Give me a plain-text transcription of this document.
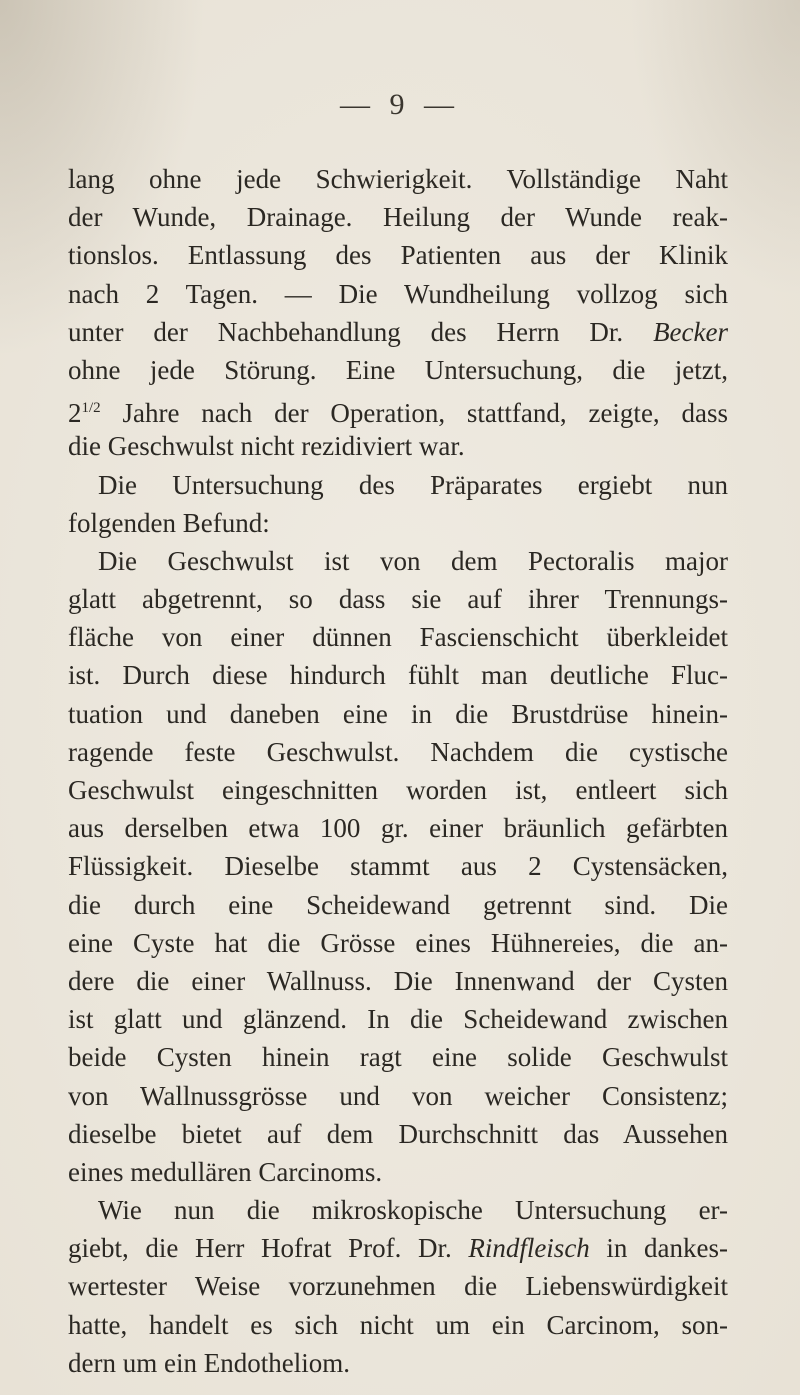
— 9 —
lang ohne jede Schwierigkeit. Vollständige Naht
der Wunde, Drainage. Heilung der Wunde reak-
tionslos. Entlassung des Patienten aus der Klinik
nach 2 Tagen. — Die Wundheilung vollzog sich
unter der Nachbehandlung des Herrn Dr. Becker
ohne jede Störung. Eine Untersuchung, die jetzt,
$2^{1/2}$ Jahre nach der Operation, stattfand, zeigte, dass
die Geschwulst nicht rezidiviert war.
Die Untersuchung des Präparates ergiebt nun
folgenden Befund:
Die Geschwulst ist von dem Pectoralis major
glatt abgetrennt, so dass sie auf ihrer Trennungs-
fläche von einer dünnen Fascienschicht überkleidet
ist. Durch diese hindurch fühlt man deutliche Fluc-
tuation und daneben eine in die Brustdrüse hinein-
ragende feste Geschwulst. Nachdem die cystische
Geschwulst eingeschnitten worden ist, entleert sich
aus derselben etwa 100 gr. einer bräunlich gefärbten
Flüssigkeit. Dieselbe stammt aus 2 Cystensäcken,
die durch eine Scheidewand getrennt sind. Die
eine Cyste hat die Grösse eines Hühnereies, die an-
dere die einer Wallnuss. Die Innenwand der Cysten
ist glatt und glänzend. In die Scheidewand zwischen
beide Cysten hinein ragt eine solide Geschwulst
von Wallnussgrösse und von weicher Consistenz;
dieselbe bietet auf dem Durchschnitt das Aussehen
eines medullären Carcinoms.
Wie nun die mikroskopische Untersuchung er-
giebt, die Herr Hofrat Prof. Dr. Rindfleisch in dankes-
wertester Weise vorzunehmen die Liebenswürdigkeit
hatte, handelt es sich nicht um ein Carcinom, son-
dern um ein Endotheliom.
